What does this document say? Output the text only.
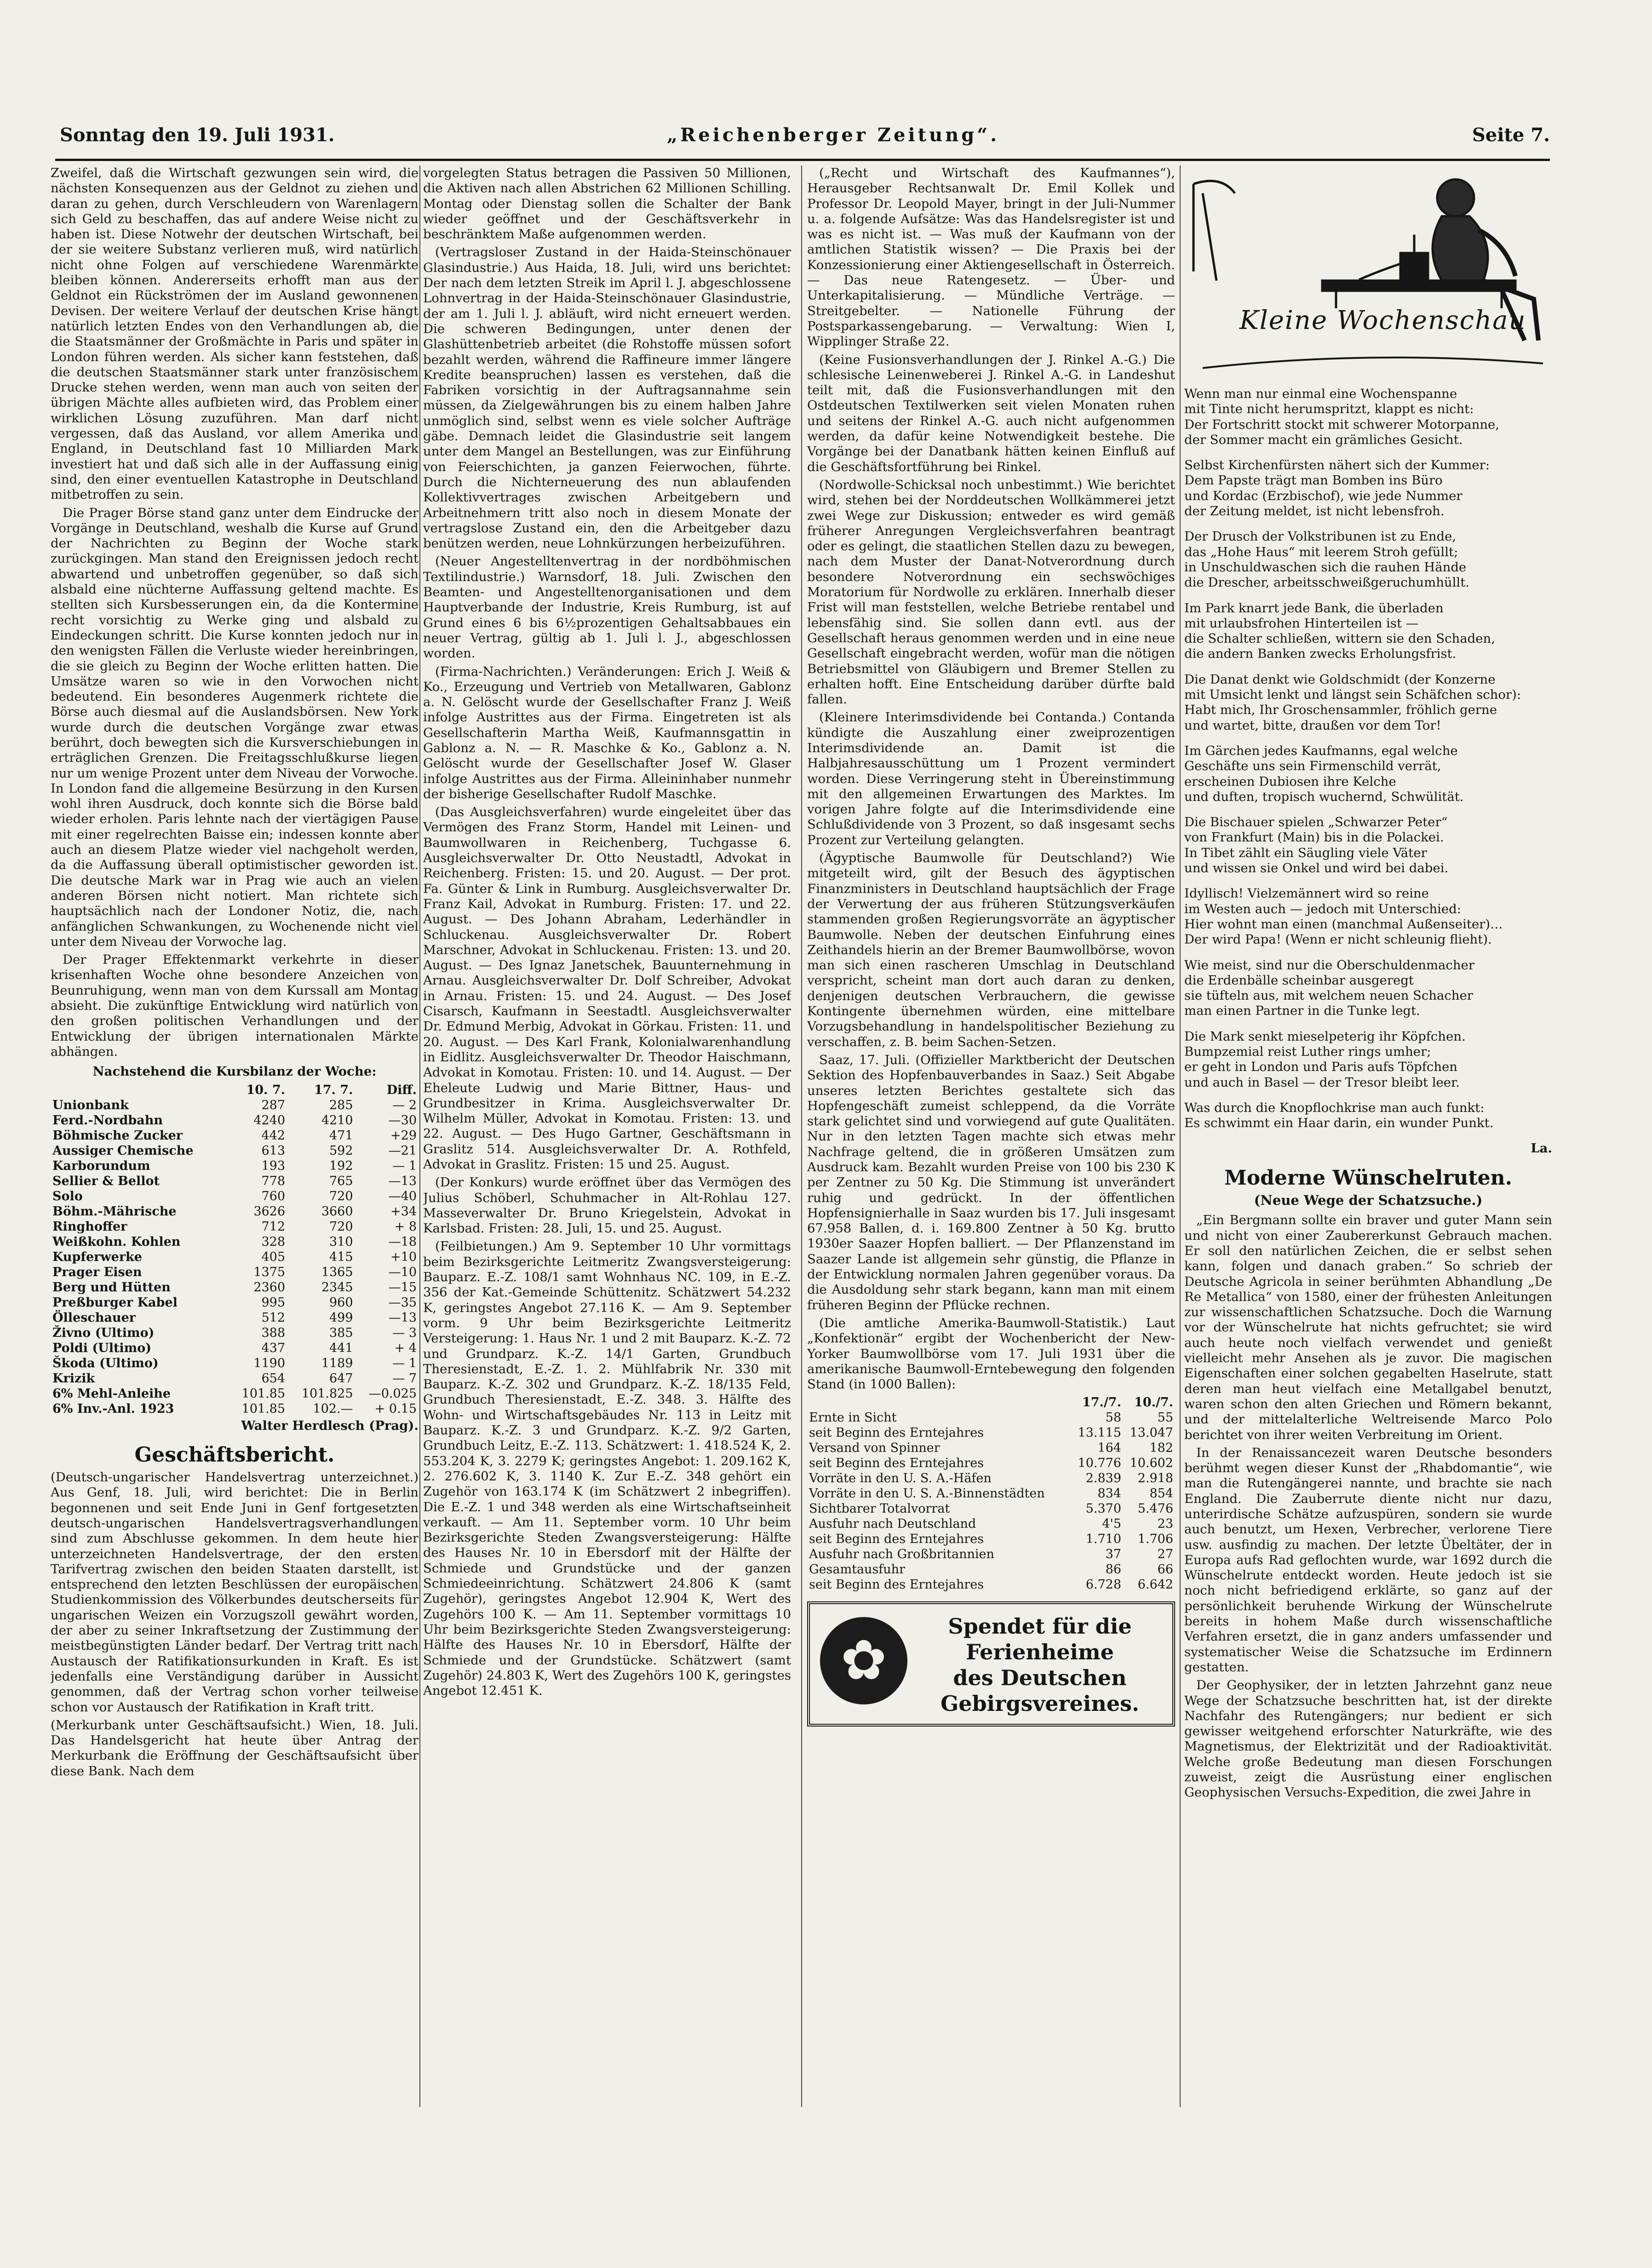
Sonntag den 19. Juli 1931.	„Reichenberger Zeitung“.	Seite 7.

Zweifel, daß die Wirtschaft gezwungen sein wird, die nächsten Konsequenzen aus der Geldnot zu ziehen und daran zu gehen, durch Verschleudern von Warenlagern sich Geld zu beschaffen, das auf andere Weise nicht zu haben ist. Diese Notwehr der deutschen Wirtschaft, bei der sie weitere Substanz verlieren muß, wird natürlich nicht ohne Folgen auf verschiedene Warenmärkte bleiben können. Andererseits erhofft man aus der Geldnot ein Rückströmen der im Ausland gewonnenen Devisen. Der weitere Verlauf der deutschen Krise hängt natürlich letzten Endes von den Verhandlungen ab, die die Staatsmänner der Großmächte in Paris und später in London führen werden. Als sicher kann feststehen, daß die deutschen Staatsmänner stark unter französischem Drucke stehen werden, wenn man auch von seiten der übrigen Mächte alles aufbieten wird, das Problem einer wirklichen Lösung zuzuführen. Man darf nicht vergessen, daß das Ausland, vor allem Amerika und England, in Deutschland fast 10 Milliarden Mark investiert hat und daß sich alle in der Auffassung einig sind, den einer eventuellen Katastrophe in Deutschland mitbetroffen zu sein.

Die Prager Börse stand ganz unter dem Eindrucke der Vorgänge in Deutschland, weshalb die Kurse auf Grund der Nachrichten zu Beginn der Woche stark zurückgingen. Man stand den Ereignissen jedoch recht abwartend und unbetroffen gegenüber, so daß sich alsbald eine nüchterne Auffassung geltend machte. Es stellten sich Kursbesserungen ein, da die Kontermine recht vorsichtig zu Werke ging und alsbald zu Eindeckungen schritt. Die Kurse konnten jedoch nur in den wenigsten Fällen die Verluste wieder hereinbringen, die sie gleich zu Beginn der Woche erlitten hatten. Die Umsätze waren so wie in den Vorwochen nicht bedeutend. Ein besonderes Augenmerk richtete die Börse auch diesmal auf die Auslandsbörsen. New York wurde durch die deutschen Vorgänge zwar etwas berührt, doch bewegten sich die Kursverschiebungen in erträglichen Grenzen. Die Freitagsschlußkurse liegen nur um wenige Prozent unter dem Niveau der Vorwoche. In London fand die allgemeine Besürzung in den Kursen wohl ihren Ausdruck, doch konnte sich die Börse bald wieder erholen. Paris lehnte nach der viertägigen Pause mit einer regelrechten Baisse ein; indessen konnte aber auch an diesem Platze wieder viel nachgeholt werden, da die Auffassung überall optimistischer geworden ist. Die deutsche Mark war in Prag wie auch an vielen anderen Börsen nicht notiert. Man richtete sich hauptsächlich nach der Londoner Notiz, die, nach anfänglichen Schwankungen, zu Wochenende nicht viel unter dem Niveau der Vorwoche lag.

Der Prager Effektenmarkt verkehrte in dieser krisenhaften Woche ohne besondere Anzeichen von Beunruhigung, wenn man von dem Kurssall am Montag absieht. Die zukünftige Entwicklung wird natürlich von den großen politischen Verhandlungen und der Entwicklung der übrigen internationalen Märkte abhängen.

Nachstehend die Kursbilanz der Woche:
	10. 7.	17. 7.	Diff.
Unionbank	287	285	— 2
Ferd.-Nordbahn	4240	4210	—30
Böhmische Zucker	442	471	+29
Aussiger Chemische	613	592	—21
Karborundum	193	192	— 1
Sellier & Bellot	778	765	—13
Solo	760	720	—40
Böhm.-Mährische	3626	3660	+34
Ringhoffer	712	720	+ 8
Weißkohn. Kohlen	328	310	—18
Kupferwerke	405	415	+10
Prager Eisen	1375	1365	—10
Berg und Hütten	2360	2345	—15
Preßburger Kabel	995	960	—35
Ölleschauer	512	499	—13
Živno (Ultimo)	388	385	— 3
Poldi (Ultimo)	437	441	+ 4
Škoda (Ultimo)	1190	1189	— 1
Krizik	654	647	— 7
6% Mehl-Anleihe	101.85	101.825	—0.025
6% Inv.-Anl. 1923	101.85	102.—	+ 0.15
Walter Herdlesch (Prag).
Geschäftsbericht.

(Deutsch-ungarischer Handelsvertrag unterzeichnet.) Aus Genf, 18. Juli, wird berichtet: Die in Berlin begonnenen und seit Ende Juni in Genf fortgesetzten deutsch-ungarischen Handelsvertragsverhandlungen sind zum Abschlusse gekommen. In dem heute hier unterzeichneten Handelsvertrage, der den ersten Tarifvertrag zwischen den beiden Staaten darstellt, ist entsprechend den letzten Beschlüssen der europäischen Studienkommission des Völkerbundes deutscherseits für ungarischen Weizen ein Vorzugszoll gewährt worden, der aber zu seiner Inkraftsetzung der Zustimmung der meistbegünstigten Länder bedarf. Der Vertrag tritt nach Austausch der Ratifikationsurkunden in Kraft. Es ist jedenfalls eine Verständigung darüber in Aussicht genommen, daß der Vertrag schon vorher teilweise schon vor Austausch der Ratifikation in Kraft tritt.

(Merkurbank unter Geschäftsaufsicht.) Wien, 18. Juli. Das Handelsgericht hat heute über Antrag der Merkurbank die Eröffnung der Geschäftsaufsicht über diese Bank. Nach dem

vorgelegten Status betragen die Passiven 50 Millionen, die Aktiven nach allen Abstrichen 62 Millionen Schilling. Montag oder Dienstag sollen die Schalter der Bank wieder geöffnet und der Geschäftsverkehr in beschränktem Maße aufgenommen werden.

(Vertragsloser Zustand in der Haida-Steinschönauer Glasindustrie.) Aus Haida, 18. Juli, wird uns berichtet: Der nach dem letzten Streik im April l. J. abgeschlossene Lohnvertrag in der Haida-Steinschönauer Glasindustrie, der am 1. Juli l. J. abläuft, wird nicht erneuert werden. Die schweren Bedingungen, unter denen der Glashüttenbetrieb arbeitet (die Rohstoffe müssen sofort bezahlt werden, während die Raffineure immer längere Kredite beanspruchen) lassen es verstehen, daß die Fabriken vorsichtig in der Auftragsannahme sein müssen, da Zielgewährungen bis zu einem halben Jahre unmöglich sind, selbst wenn es viele solcher Aufträge gäbe. Demnach leidet die Glasindustrie seit langem unter dem Mangel an Bestellungen, was zur Einführung von Feierschichten, ja ganzen Feierwochen, führte. Durch die Nichterneuerung des nun ablaufenden Kollektivvertrages zwischen Arbeitgebern und Arbeitnehmern tritt also noch in diesem Monate der vertragslose Zustand ein, den die Arbeitgeber dazu benützen werden, neue Lohnkürzungen herbeizuführen.

(Neuer Angestelltenvertrag in der nordböhmischen Textilindustrie.) Warnsdorf, 18. Juli. Zwischen den Beamten- und Angestelltenorganisationen und dem Hauptverbande der Industrie, Kreis Rumburg, ist auf Grund eines 6 bis 6½prozentigen Gehaltsabbaues ein neuer Vertrag, gültig ab 1. Juli l. J., abgeschlossen worden.

(Firma-Nachrichten.) Veränderungen: Erich J. Weiß & Ko., Erzeugung und Vertrieb von Metallwaren, Gablonz a. N. Gelöscht wurde der Gesellschafter Franz J. Weiß infolge Austrittes aus der Firma. Eingetreten ist als Gesellschafterin Martha Weiß, Kaufmannsgattin in Gablonz a. N. — R. Maschke & Ko., Gablonz a. N. Gelöscht wurde der Gesellschafter Josef W. Glaser infolge Austrittes aus der Firma. Alleininhaber nunmehr der bisherige Gesellschafter Rudolf Maschke.

(Das Ausgleichsverfahren) wurde eingeleitet über das Vermögen des Franz Storm, Handel mit Leinen- und Baumwollwaren in Reichenberg, Tuchgasse 6. Ausgleichsverwalter Dr. Otto Neustadtl, Advokat in Reichenberg. Fristen: 15. und 20. August. — Der prot. Fa. Günter & Link in Rumburg. Ausgleichsverwalter Dr. Franz Kail, Advokat in Rumburg. Fristen: 17. und 22. August. — Des Johann Abraham, Lederhändler in Schluckenau. Ausgleichsverwalter Dr. Robert Marschner, Advokat in Schluckenau. Fristen: 13. und 20. August. — Des Ignaz Janetschek, Bauunternehmung in Arnau. Ausgleichsverwalter Dr. Dolf Schreiber, Advokat in Arnau. Fristen: 15. und 24. August. — Des Josef Cisarsch, Kaufmann in Seestadtl. Ausgleichsverwalter Dr. Edmund Merbig, Advokat in Görkau. Fristen: 11. und 20. August. — Des Karl Frank, Kolonialwarenhandlung in Eidlitz. Ausgleichsverwalter Dr. Theodor Haischmann, Advokat in Komotau. Fristen: 10. und 14. August. — Der Eheleute Ludwig und Marie Bittner, Haus- und Grundbesitzer in Krima. Ausgleichsverwalter Dr. Wilhelm Müller, Advokat in Komotau. Fristen: 13. und 22. August. — Des Hugo Gartner, Geschäftsmann in Graslitz 514. Ausgleichsverwalter Dr. A. Rothfeld, Advokat in Graslitz. Fristen: 15 und 25. August.

(Der Konkurs) wurde eröffnet über das Vermögen des Julius Schöberl, Schuhmacher in Alt-Rohlau 127. Masseverwalter Dr. Bruno Kriegelstein, Advokat in Karlsbad. Fristen: 28. Juli, 15. und 25. August.

(Feilbietungen.) Am 9. September 10 Uhr vormittags beim Bezirksgerichte Leitmeritz Zwangsversteigerung: Bauparz. E.-Z. 108/1 samt Wohnhaus NC. 109, in E.-Z. 356 der Kat.-Gemeinde Schüttenitz. Schätzwert 54.232 K, geringstes Angebot 27.116 K. — Am 9. September vorm. 9 Uhr beim Bezirksgerichte Leitmeritz Versteigerung: 1. Haus Nr. 1 und 2 mit Bauparz. K.-Z. 72 und Grundparz. K.-Z. 14/1 Garten, Grundbuch Theresienstadt, E.-Z. 1. 2. Mühlfabrik Nr. 330 mit Bauparz. K.-Z. 302 und Grundparz. K.-Z. 18/135 Feld, Grundbuch Theresienstadt, E.-Z. 348. 3. Hälfte des Wohn- und Wirtschaftsgebäudes Nr. 113 in Leitz mit Bauparz. K.-Z. 3 und Grundparz. K.-Z. 9/2 Garten, Grundbuch Leitz, E.-Z. 113. Schätzwert: 1. 418.524 K, 2. 553.204 K, 3. 2279 K; geringstes Angebot: 1. 209.162 K, 2. 276.602 K, 3. 1140 K. Zur E.-Z. 348 gehört ein Zugehör von 163.174 K (im Schätzwert 2 inbegriffen). Die E.-Z. 1 und 348 werden als eine Wirtschaftseinheit verkauft. — Am 11. September vorm. 10 Uhr beim Bezirksgerichte Steden Zwangsversteigerung: Hälfte des Hauses Nr. 10 in Ebersdorf mit der Hälfte der Schmiede und Grundstücke und der ganzen Schmiedeeinrichtung. Schätzwert 24.806 K (samt Zugehör), geringstes Angebot 12.904 K, Wert des Zugehörs 100 K. — Am 11. September vormittags 10 Uhr beim Bezirksgerichte Steden Zwangsversteigerung: Hälfte des Hauses Nr. 10 in Ebersdorf, Hälfte der Schmiede und der Grundstücke. Schätzwert (samt Zugehör) 24.803 K, Wert des Zugehörs 100 K, geringstes Angebot 12.451 K.

(„Recht und Wirtschaft des Kaufmannes“), Herausgeber Rechtsanwalt Dr. Emil Kollek und Professor Dr. Leopold Mayer, bringt in der Juli-Nummer u. a. folgende Aufsätze: Was das Handelsregister ist und was es nicht ist. — Was muß der Kaufmann von der amtlichen Statistik wissen? — Die Praxis bei der Konzessionierung einer Aktiengesellschaft in Österreich. — Das neue Ratengesetz. — Über- und Unterkapitalisierung. — Mündliche Verträge. — Streitgebelter. — Nationelle Führung der Postsparkassengebarung. — Verwaltung: Wien I, Wipplinger Straße 22.

(Keine Fusionsverhandlungen der J. Rinkel A.-G.) Die schlesische Leinenweberei J. Rinkel A.-G. in Landeshut teilt mit, daß die Fusionsverhandlungen mit den Ostdeutschen Textilwerken seit vielen Monaten ruhen und seitens der Rinkel A.-G. auch nicht aufgenommen werden, da dafür keine Notwendigkeit bestehe. Die Vorgänge bei der Danatbank hätten keinen Einfluß auf die Geschäftsfortführung bei Rinkel.

(Nordwolle-Schicksal noch unbestimmt.) Wie berichtet wird, stehen bei der Norddeutschen Wollkämmerei jetzt zwei Wege zur Diskussion; entweder es wird gemäß früherer Anregungen Vergleichsverfahren beantragt oder es gelingt, die staatlichen Stellen dazu zu bewegen, nach dem Muster der Danat-Notverordnung durch besondere Notverordnung ein sechswöchiges Moratorium für Nordwolle zu erklären. Innerhalb dieser Frist will man feststellen, welche Betriebe rentabel und lebensfähig sind. Sie sollen dann evtl. aus der Gesellschaft heraus genommen werden und in eine neue Gesellschaft eingebracht werden, wofür man die nötigen Betriebsmittel von Gläubigern und Bremer Stellen zu erhalten hofft. Eine Entscheidung darüber dürfte bald fallen.

(Kleinere Interimsdividende bei Contanda.) Contanda kündigte die Auszahlung einer zweiprozentigen Interimsdividende an. Damit ist die Halbjahresausschüttung um 1 Prozent vermindert worden. Diese Verringerung steht in Übereinstimmung mit den allgemeinen Erwartungen des Marktes. Im vorigen Jahre folgte auf die Interimsdividende eine Schlußdividende von 3 Prozent, so daß insgesamt sechs Prozent zur Verteilung gelangten.

(Ägyptische Baumwolle für Deutschland?) Wie mitgeteilt wird, gilt der Besuch des ägyptischen Finanzministers in Deutschland hauptsächlich der Frage der Verwertung der aus früheren Stützungsverkäufen stammenden großen Regierungsvorräte an ägyptischer Baumwolle. Neben der deutschen Einfuhrung eines Zeithandels hierin an der Bremer Baumwollbörse, wovon man sich einen rascheren Umschlag in Deutschland verspricht, scheint man dort auch daran zu denken, denjenigen deutschen Verbrauchern, die gewisse Kontingente übernehmen würden, eine mittelbare Vorzugsbehandlung in handelspolitischer Beziehung zu verschaffen, z. B. beim Sachen-Setzen.

Saaz, 17. Juli. (Offizieller Marktbericht der Deutschen Sektion des Hopfenbauverbandes in Saaz.) Seit Abgabe unseres letzten Berichtes gestaltete sich das Hopfengeschäft zumeist schleppend, da die Vorräte stark gelichtet sind und vorwiegend auf gute Qualitäten. Nur in den letzten Tagen machte sich etwas mehr Nachfrage geltend, die in größeren Umsätzen zum Ausdruck kam. Bezahlt wurden Preise von 100 bis 230 K per Zentner zu 50 Kg. Die Stimmung ist unverändert ruhig und gedrückt. In der öffentlichen Hopfensignierhalle in Saaz wurden bis 17. Juli insgesamt 67.958 Ballen, d. i. 169.800 Zentner à 50 Kg. brutto 1930er Saazer Hopfen balliert. — Der Pflanzenstand im Saazer Lande ist allgemein sehr günstig, die Pflanze in der Entwicklung normalen Jahren gegenüber voraus. Da die Ausdoldung sehr stark begann, kann man mit einem früheren Beginn der Pflücke rechnen.

(Die amtliche Amerika-Baumwoll-Statistik.) Laut „Konfektionär“ ergibt der Wochenbericht der New-Yorker Baumwollbörse vom 17. Juli 1931 über die amerikanische Baumwoll-Erntebewegung den folgenden Stand (in 1000 Ballen):

	17./7.	10./7.
Ernte in Sicht	58	55
seit Beginn des Erntejahres	13.115	13.047
Versand von Spinner	164	182
seit Beginn des Erntejahres	10.776	10.602
Vorräte in den U. S. A.-Häfen	2.839	2.918
Vorräte in den U. S. A.-Binnenstädten	834	854
Sichtbarer Totalvorrat	5.370	5.476
Ausfuhr nach Deutschland	4'5	23
seit Beginn des Erntejahres	1.710	1.706
Ausfuhr nach Großbritannien	37	27
Gesamtausfuhr	86	66
seit Beginn des Erntejahres	6.728	6.642
✿
Spendet für die
Ferienheime
des Deutschen
Gebirgsvereines.
Kleine Wochenschau

Wenn man nur einmal eine Wochenspanne

mit Tinte nicht herumspritzt, klappt es nicht:

Der Fortschritt stockt mit schwerer Motorpanne,

der Sommer macht ein grämliches Gesicht.

Selbst Kirchenfürsten nähert sich der Kummer:

Dem Papste trägt man Bomben ins Büro

und Kordac (Erzbischof), wie jede Nummer

der Zeitung meldet, ist nicht lebensfroh.

Der Drusch der Volkstribunen ist zu Ende,

das „Hohe Haus“ mit leerem Stroh gefüllt;

in Unschuldwaschen sich die rauhen Hände

die Drescher, arbeitsschweißgeruchumhüllt.

Im Park knarrt jede Bank, die überladen

mit urlaubsfrohen Hinterteilen ist —

die Schalter schließen, wittern sie den Schaden,

die andern Banken zwecks Erholungsfrist.

Die Danat denkt wie Goldschmidt (der Konzerne

mit Umsicht lenkt und längst sein Schäfchen schor):

Habt mich, Ihr Groschensammler, fröhlich gerne

und wartet, bitte, draußen vor dem Tor!

Im Gärchen jedes Kaufmanns, egal welche

Geschäfte uns sein Firmenschild verrät,

erscheinen Dubiosen ihre Kelche

und duften, tropisch wuchernd, Schwülität.

Die Bischauer spielen „Schwarzer Peter“

von Frankfurt (Main) bis in die Polackei.

In Tibet zählt ein Säugling viele Väter

und wissen sie Onkel und wird bei dabei.

Idyllisch! Vielzemännert wird so reine

im Westen auch — jedoch mit Unterschied:

Hier wohnt man einen (manchmal Außenseiter)…

Der wird Papa! (Wenn er nicht schleunig flieht).

Wie meist, sind nur die Oberschuldenmacher

die Erdenbälle scheinbar ausgeregt

sie tüfteln aus, mit welchem neuen Schacher

man einen Partner in die Tunke legt.

Die Mark senkt mieselpeterig ihr Köpfchen.

Bumpzemial reist Luther rings umher;

er geht in London und Paris aufs Töpfchen

und auch in Basel — der Tresor bleibt leer.

Was durch die Knopflochkrise man auch funkt:

Es schwimmt ein Haar darin, ein wunder Punkt.

La.
Moderne Wünschelruten.
(Neue Wege der Schatzsuche.)

„Ein Bergmann sollte ein braver und guter Mann sein und nicht von einer Zaubererkunst Gebrauch machen. Er soll den natürlichen Zeichen, die er selbst sehen kann, folgen und danach graben.“ So schrieb der Deutsche Agricola in seiner berühmten Abhandlung „De Re Metallica“ von 1580, einer der frühesten Anleitungen zur wissenschaftlichen Schatzsuche. Doch die Warnung vor der Wünschelrute hat nichts gefruchtet; sie wird auch heute noch vielfach verwendet und genießt vielleicht mehr Ansehen als je zuvor. Die magischen Eigenschaften einer solchen gegabelten Haselrute, statt deren man heut vielfach eine Metallgabel benutzt, waren schon den alten Griechen und Römern bekannt, und der mittelalterliche Weltreisende Marco Polo berichtet von ihrer weiten Verbreitung im Orient.

In der Renaissancezeit waren Deutsche besonders berühmt wegen dieser Kunst der „Rhabdomantie“, wie man die Rutengängerei nannte, und brachte sie nach England. Die Zauberrute diente nicht nur dazu, unterirdische Schätze aufzuspüren, sondern sie wurde auch benutzt, um Hexen, Verbrecher, verlorene Tiere usw. ausfindig zu machen. Der letzte Übeltäter, der in Europa aufs Rad geflochten wurde, war 1692 durch die Wünschelrute entdeckt worden. Heute jedoch ist sie noch nicht befriedigend erklärte, so ganz auf der persönlichkeit beruhende Wirkung der Wünschelrute bereits in hohem Maße durch wissenschaftliche Verfahren ersetzt, die in ganz anders umfassender und systematischer Weise die Schatzsuche im Erdinnern gestatten.

Der Geophysiker, der in letzten Jahrzehnt ganz neue Wege der Schatzsuche beschritten hat, ist der direkte Nachfahr des Rutengängers; nur bedient er sich gewisser weitgehend erforschter Naturkräfte, wie des Magnetismus, der Elektrizität und der Radioaktivität. Welche große Bedeutung man diesen Forschungen zuweist, zeigt die Ausrüstung einer englischen Geophysischen Versuchs-Expedition, die zwei Jahre in
